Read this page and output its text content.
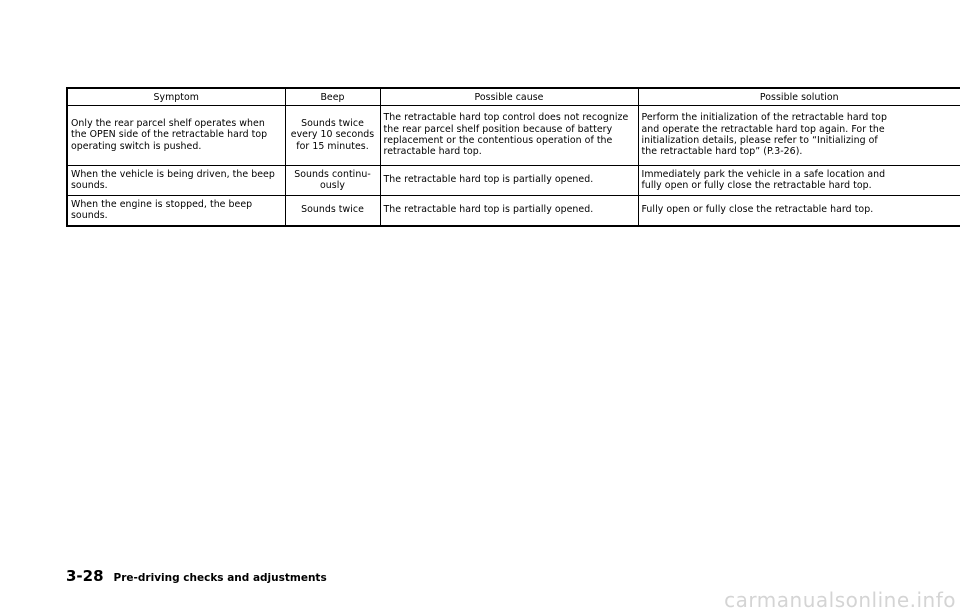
Symptom	Beep	Possible cause	Possible solution
Only the rear parcel shelf operates when
the OPEN side of the retractable hard top
operating switch is pushed.	Sounds twice
every 10 seconds
for 15 minutes.	The retractable hard top control does not recognize
the rear parcel shelf position because of battery
replacement or the contentious operation of the
retractable hard top.	Perform the initialization of the retractable hard top
and operate the retractable hard top again. For the
initialization details, please refer to “Initializing of
the retractable hard top” (P.3-26).
When the vehicle is being driven, the beep
sounds.	Sounds continu-
ously	The retractable hard top is partially opened.	Immediately park the vehicle in a safe location and
fully open or fully close the retractable hard top.
When the engine is stopped, the beep
sounds.	Sounds twice	The retractable hard top is partially opened.	Fully open or fully close the retractable hard top.
3-28 Pre-driving checks and adjustments
carmanualsonline.info
